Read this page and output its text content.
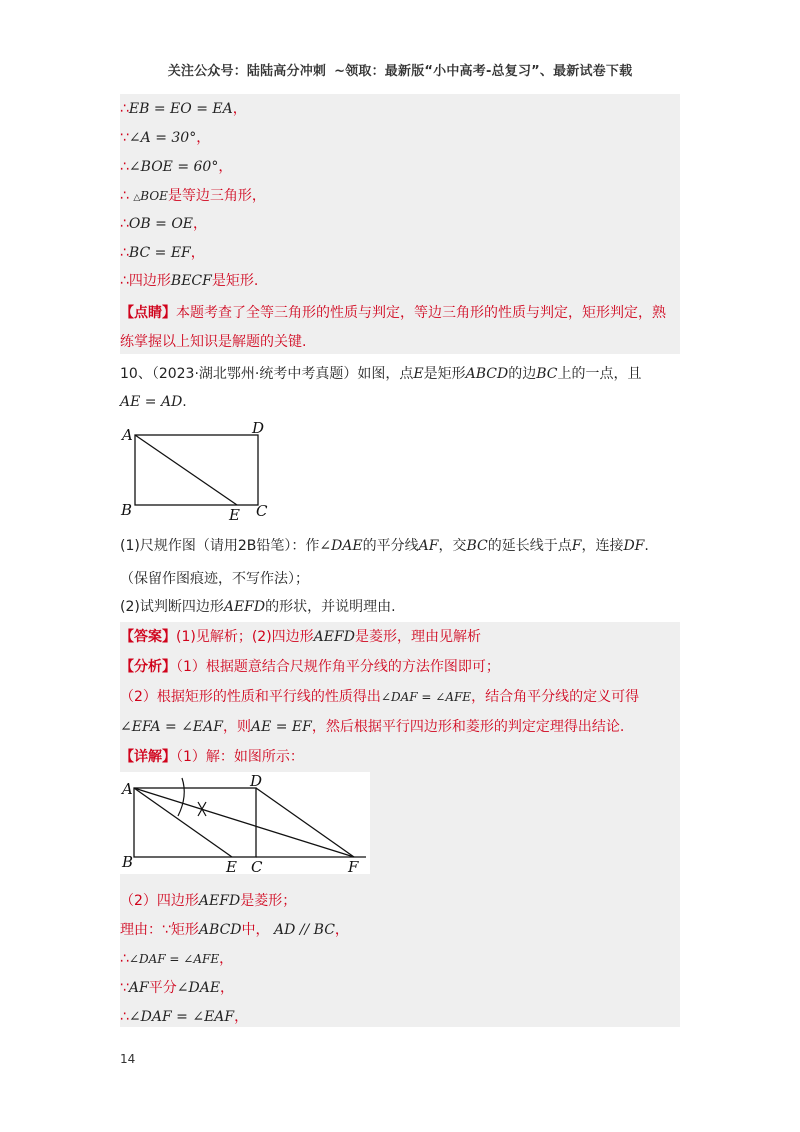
关注公众号：陆陆高分冲刺 ~领取：最新版“小中高考-总复习”、最新试卷下载
∴EB = EO = EA，
∵∠A = 30°，
∴∠BOE = 60°，
∴ △BOE是等边三角形，
∴OB = OE，
∴BC = EF，
∴四边形BECF是矩形.
【点睛】本题考查了全等三角形的性质与判定，等边三角形的性质与判定，矩形判定，熟
练掌握以上知识是解题的关键.
10、（2023·湖北鄂州·统考中考真题）如图，点E是矩形ABCD的边BC上的一点，且
AE = AD.
A	D
B	E C
(1)尺规作图（请用2B铅笔）：作∠DAE的平分线AF，交BC的延长线于点F，连接DF.
（保留作图痕迹，不写作法）；
(2)试判断四边形AEFD的形状，并说明理由.
【答案】(1)见解析；(2)四边形AEFD是菱形，理由见解析
【分析】（1）根据题意结合尺规作角平分线的方法作图即可；
（2）根据矩形的性质和平行线的性质得出∠DAF = ∠AFE，结合角平分线的定义可得
∠EFA = ∠EAF，则AE = EF，然后根据平行四边形和菱形的判定定理得出结论.
【详解】（1）解：如图所示：
A	D
B	E C	F
（2）四边形AEFD是菱形；
理由：∵矩形ABCD中， AD // BC，
∴∠DAF = ∠AFE，
∵AF平分∠DAE，
∴∠DAF = ∠EAF，
14
